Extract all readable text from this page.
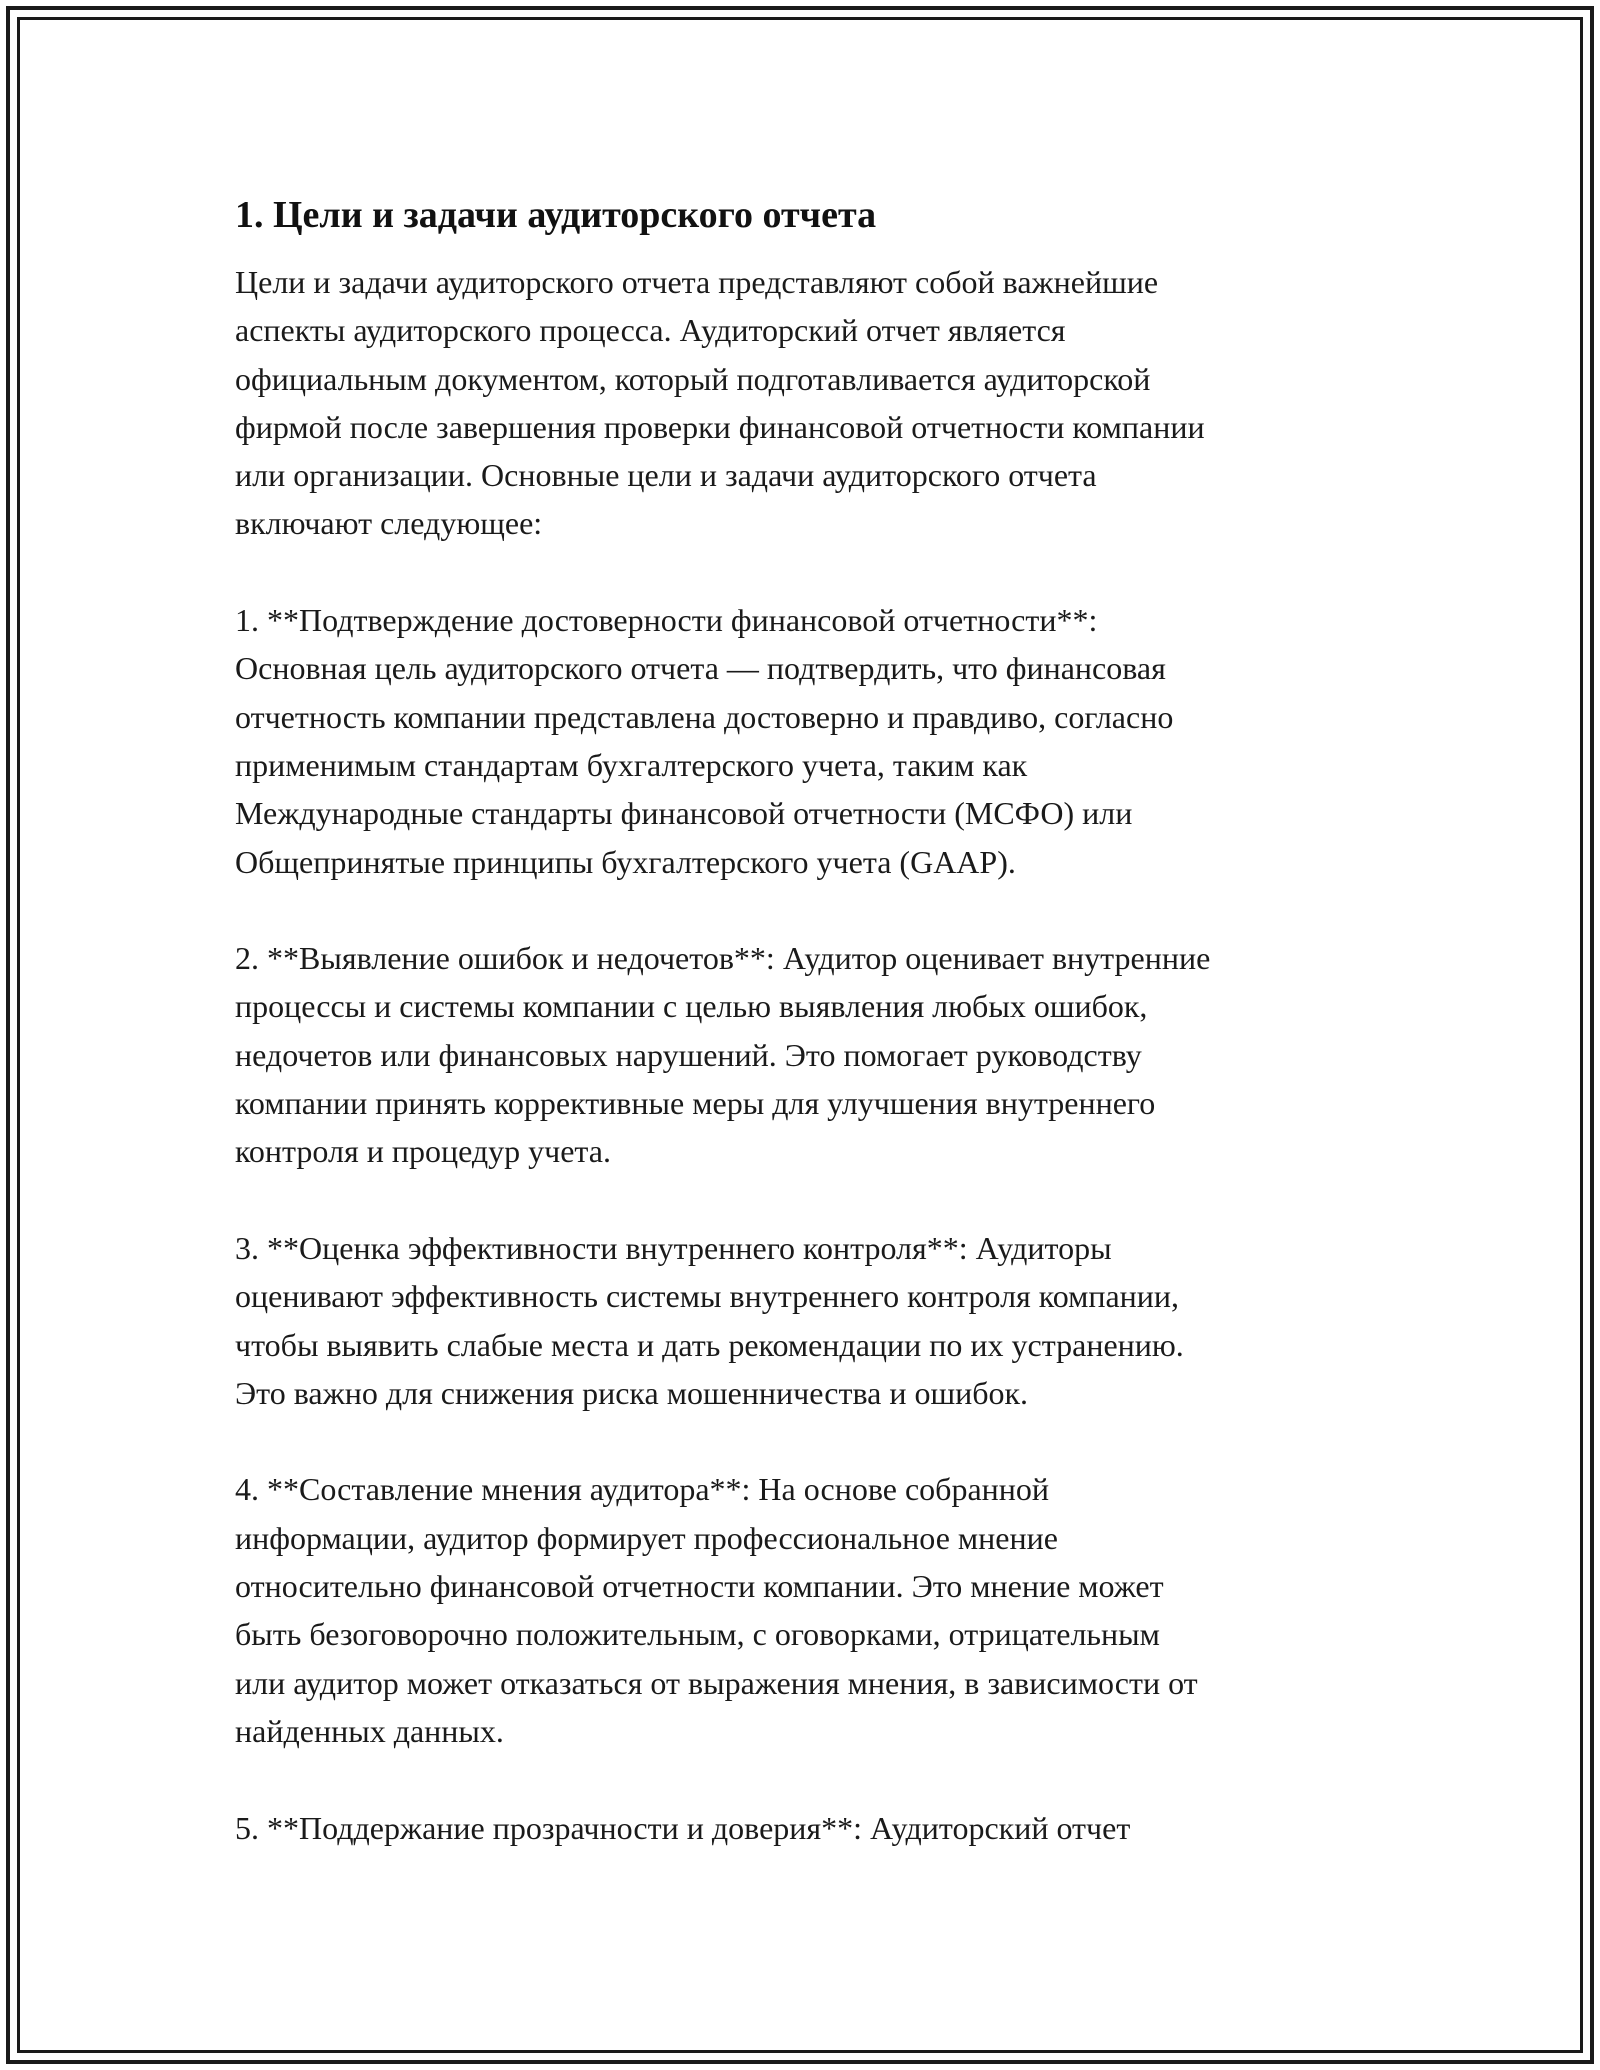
1. Цели и задачи аудиторского отчета

Цели и задачи аудиторского отчета представляют собой важнейшие
аспекты аудиторского процесса. Аудиторский отчет является
официальным документом, который подготавливается аудиторской
фирмой после завершения проверки финансовой отчетности компании
или организации. Основные цели и задачи аудиторского отчета
включают следующее:

1. **Подтверждение достоверности финансовой отчетности**:
Основная цель аудиторского отчета — подтвердить, что финансовая
отчетность компании представлена достоверно и правдиво, согласно
применимым стандартам бухгалтерского учета, таким как
Международные стандарты финансовой отчетности (МСФО) или
Общепринятые принципы бухгалтерского учета (GAAP).

2. **Выявление ошибок и недочетов**: Аудитор оценивает внутренние
процессы и системы компании с целью выявления любых ошибок,
недочетов или финансовых нарушений. Это помогает руководству
компании принять коррективные меры для улучшения внутреннего
контроля и процедур учета.

3. **Оценка эффективности внутреннего контроля**: Аудиторы
оценивают эффективность системы внутреннего контроля компании,
чтобы выявить слабые места и дать рекомендации по их устранению.
Это важно для снижения риска мошенничества и ошибок.

4. **Составление мнения аудитора**: На основе собранной
информации, аудитор формирует профессиональное мнение
относительно финансовой отчетности компании. Это мнение может
быть безоговорочно положительным, с оговорками, отрицательным
или аудитор может отказаться от выражения мнения, в зависимости от
найденных данных.

5. **Поддержание прозрачности и доверия**: Аудиторский отчет
